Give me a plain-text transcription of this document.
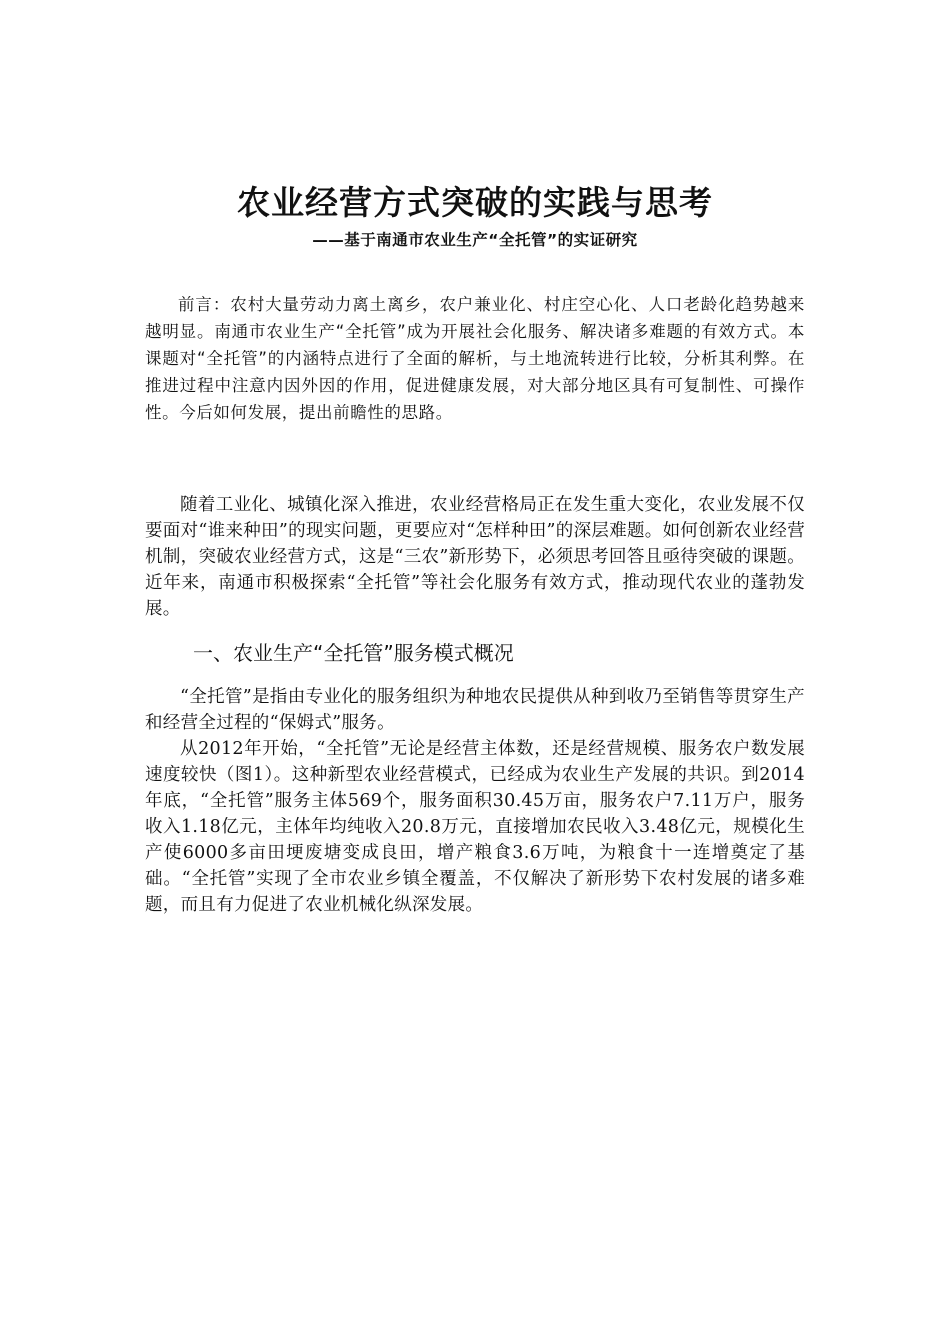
农业经营方式突破的实践与思考
——基于南通市农业生产“全托管”的实证研究

前言：农村大量劳动力离土离乡，农户兼业化、村庄空心化、人口老龄化趋势越来越明显。南通市农业生产“全托管”成为开展社会化服务、解决诸多难题的有效方式。本课题对“全托管”的内涵特点进行了全面的解析，与土地流转进行比较，分析其利弊。在推进过程中注意内因外因的作用，促进健康发展，对大部分地区具有可复制性、可操作性。今后如何发展，提出前瞻性的思路。

随着工业化、城镇化深入推进，农业经营格局正在发生重大变化，农业发展不仅要面对“谁来种田”的现实问题，更要应对“怎样种田”的深层难题。如何创新农业经营机制，突破农业经营方式，这是“三农”新形势下，必须思考回答且亟待突破的课题。近年来，南通市积极探索“全托管”等社会化服务有效方式，推动现代农业的蓬勃发展。

一、农业生产“全托管”服务模式概况

“全托管”是指由专业化的服务组织为种地农民提供从种到收乃至销售等贯穿生产和经营全过程的“保姆式”服务。

从2012年开始，“全托管”无论是经营主体数，还是经营规模、服务农户数发展速度较快（图1）。这种新型农业经营模式，已经成为农业生产发展的共识。到2014年底，“全托管”服务主体569个，服务面积30.45万亩，服务农户7.11万户，服务收入1.18亿元，主体年均纯收入20.8万元，直接增加农民收入3.48亿元，规模化生产使6000多亩田埂废塘变成良田，增产粮食3.6万吨，为粮食十一连增奠定了基础。“全托管”实现了全市农业乡镇全覆盖，不仅解决了新形势下农村发展的诸多难题，而且有力促进了农业机械化纵深发展。
